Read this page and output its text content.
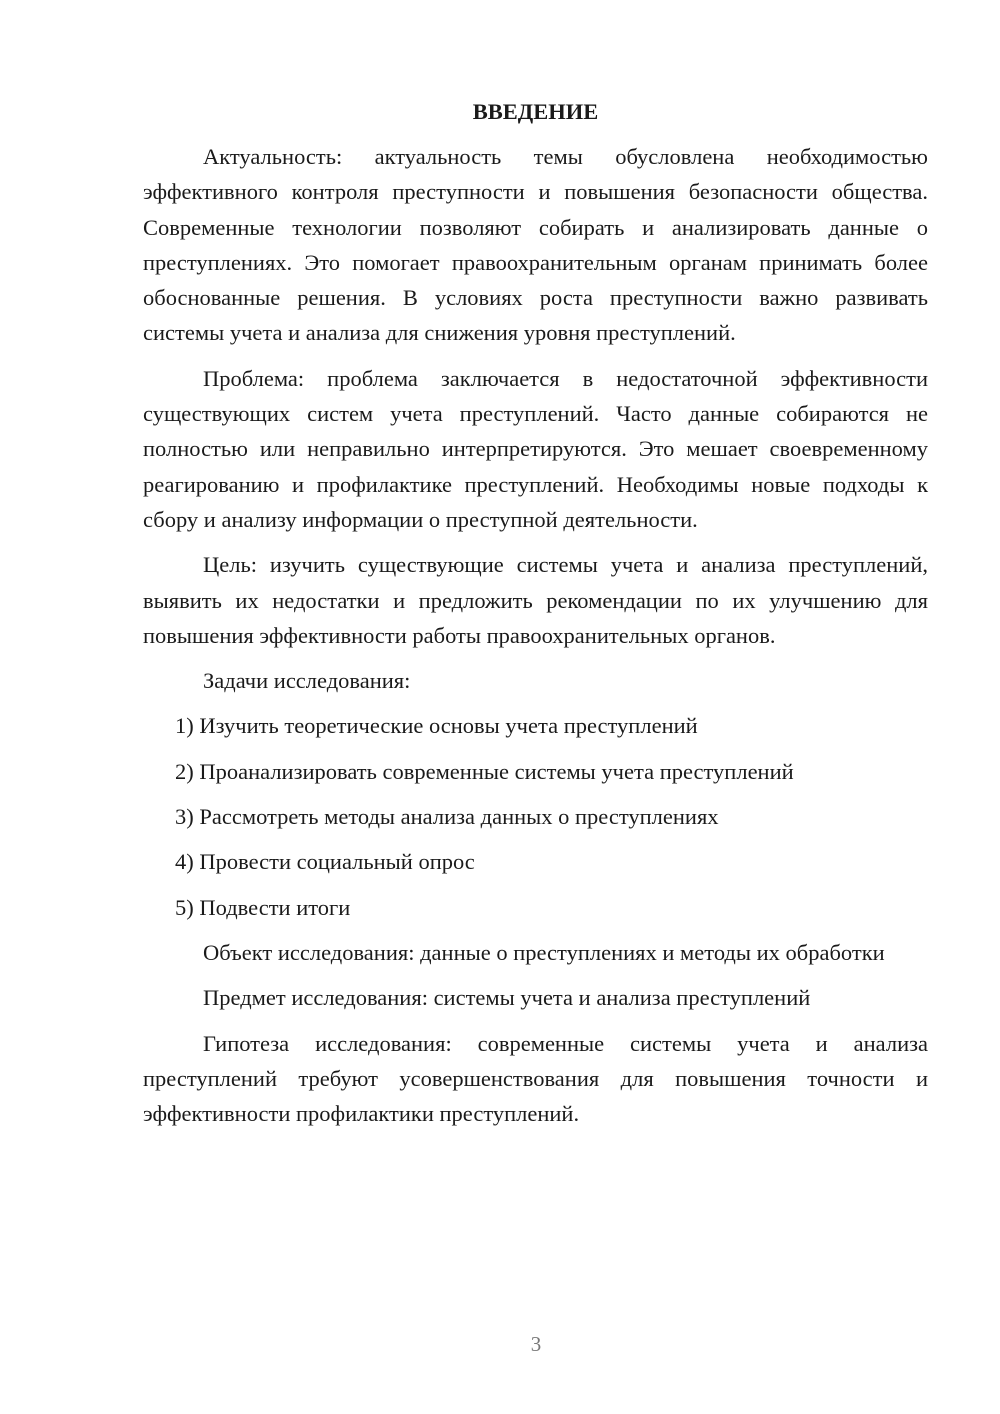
ВВЕДЕНИЕ

Актуальность: актуальность темы обусловлена необходимостью эффективного контроля преступности и повышения безопасности общества. Современные технологии позволяют собирать и анализировать данные о преступлениях. Это помогает правоохранительным органам принимать более обоснованные решения. В условиях роста преступности важно развивать системы учета и анализа для снижения уровня преступлений.

Проблема: проблема заключается в недостаточной эффективности существующих систем учета преступлений. Часто данные собираются не полностью или неправильно интерпретируются. Это мешает своевременному реагированию и профилактике преступлений. Необходимы новые подходы к сбору и анализу информации о преступной деятельности.

Цель: изучить существующие системы учета и анализа преступлений, выявить их недостатки и предложить рекомендации по их улучшению для повышения эффективности работы правоохранительных органов.

Задачи исследования:

1) Изучить теоретические основы учета преступлений

2) Проанализировать современные системы учета преступлений

3) Рассмотреть методы анализа данных о преступлениях

4) Провести социальный опрос

5) Подвести итоги

Объект исследования: данные о преступлениях и методы их обработки

Предмет исследования: системы учета и анализа преступлений

Гипотеза исследования: современные системы учета и анализа преступлений требуют усовершенствования для повышения точности и эффективности профилактики преступлений.

3
